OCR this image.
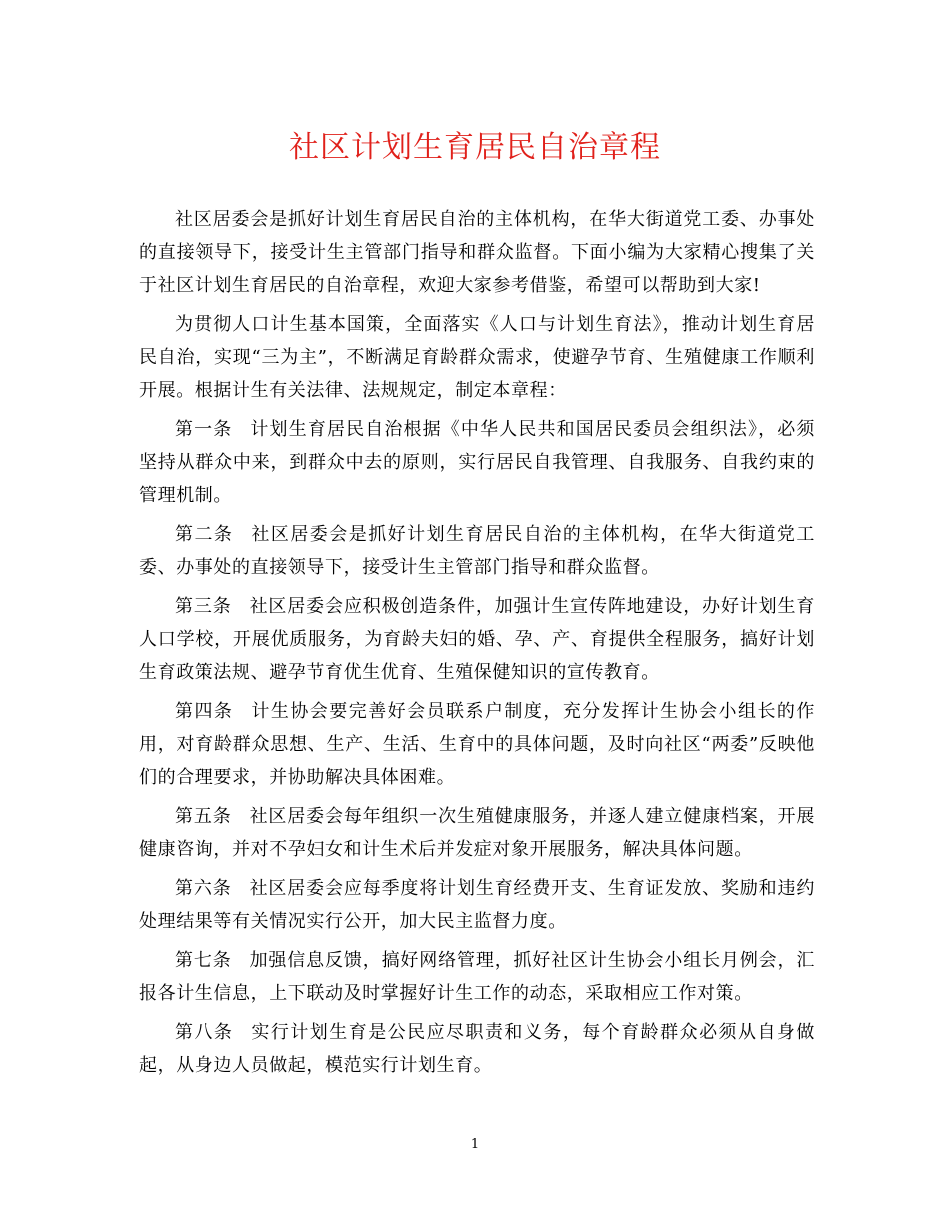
社区计划生育居民自治章程

社区居委会是抓好计划生育居民自治的主体机构，在华大街道党工委、办事处的直接领导下，接受计生主管部门指导和群众监督。下面小编为大家精心搜集了关于社区计划生育居民的自治章程，欢迎大家参考借鉴，希望可以帮助到大家!

为贯彻人口计生基本国策，全面落实《人口与计划生育法》，推动计划生育居民自治，实现“三为主”，不断满足育龄群众需求，使避孕节育、生殖健康工作顺利开展。根据计生有关法律、法规规定，制定本章程：

第一条 计划生育居民自治根据《中华人民共和国居民委员会组织法》，必须坚持从群众中来，到群众中去的原则，实行居民自我管理、自我服务、自我约束的管理机制。

第二条 社区居委会是抓好计划生育居民自治的主体机构，在华大街道党工委、办事处的直接领导下，接受计生主管部门指导和群众监督。

第三条 社区居委会应积极创造条件，加强计生宣传阵地建设，办好计划生育人口学校，开展优质服务，为育龄夫妇的婚、孕、产、育提供全程服务，搞好计划生育政策法规、避孕节育优生优育、生殖保健知识的宣传教育。

第四条 计生协会要完善好会员联系户制度，充分发挥计生协会小组长的作用，对育龄群众思想、生产、生活、生育中的具体问题，及时向社区“两委”反映他们的合理要求，并协助解决具体困难。

第五条 社区居委会每年组织一次生殖健康服务，并逐人建立健康档案，开展健康咨询，并对不孕妇女和计生术后并发症对象开展服务，解决具体问题。

第六条 社区居委会应每季度将计划生育经费开支、生育证发放、奖励和违约处理结果等有关情况实行公开，加大民主监督力度。

第七条 加强信息反馈，搞好网络管理，抓好社区计生协会小组长月例会，汇报各计生信息，上下联动及时掌握好计生工作的动态，采取相应工作对策。

第八条 实行计划生育是公民应尽职责和义务，每个育龄群众必须从自身做起，从身边人员做起，模范实行计划生育。

1
